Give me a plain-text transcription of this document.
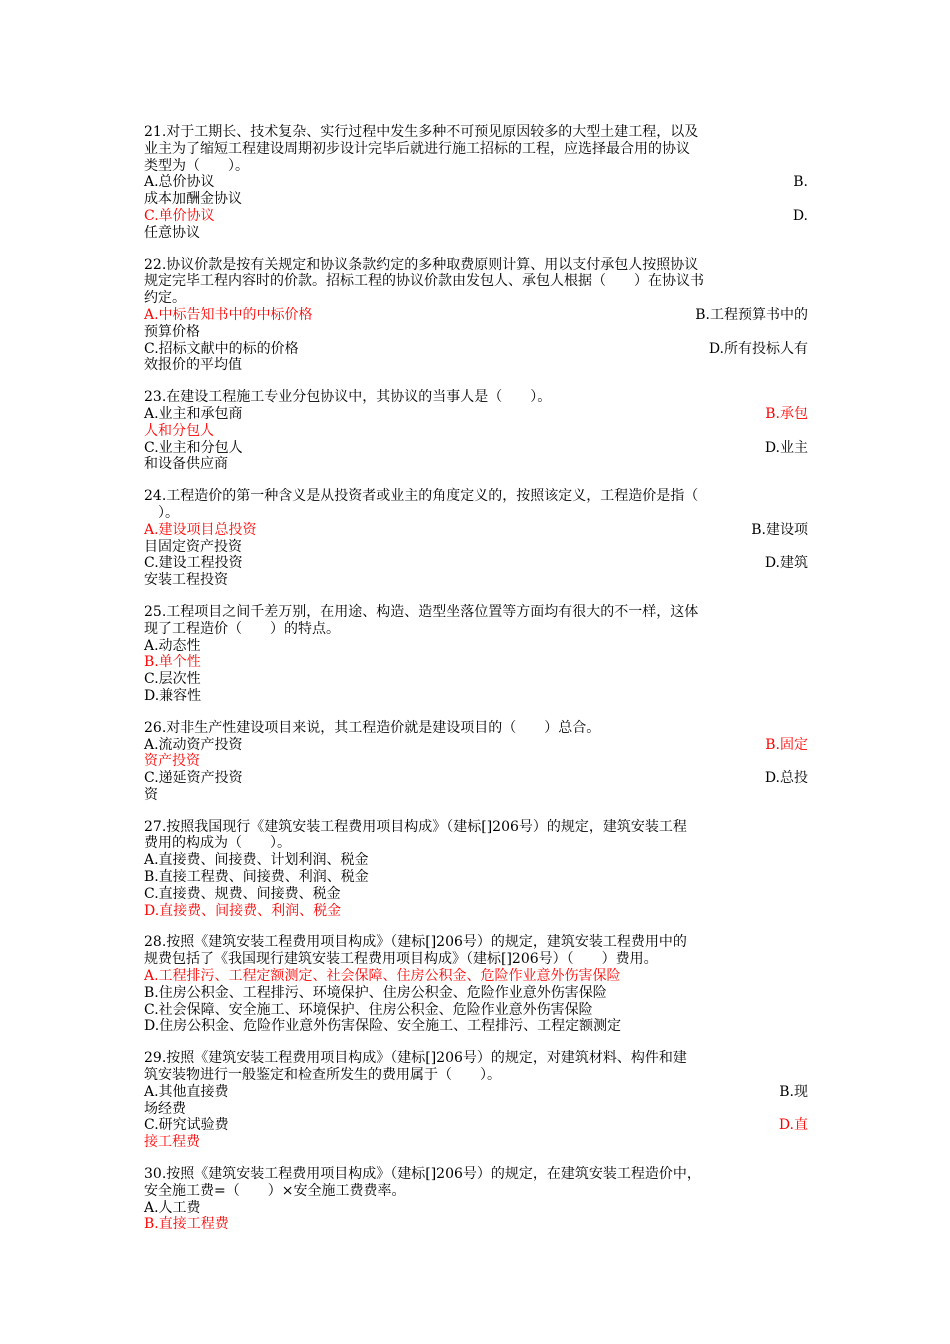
21.对于工期长、技术复杂、实行过程中发生多种不可预见原因较多的大型土建工程，以及
业主为了缩短工程建设周期初步设计完毕后就进行施工招标的工程，应选择最合用的协议
类型为（　　）。
A.总价协议	B.
成本加酬金协议
C.单价协议	D.
任意协议
22.协议价款是按有关规定和协议条款约定的多种取费原则计算、用以支付承包人按照协议
规定完毕工程内容时的价款。招标工程的协议价款由发包人、承包人根据（　　）在协议书
约定。
A.中标告知书中的中标价格	B.工程预算书中的
预算价格
C.招标文献中的标的价格	D.所有投标人有
效报价的平均值
23.在建设工程施工专业分包协议中，其协议的当事人是（　　）。
A.业主和承包商	B.承包
人和分包人
C.业主和分包人	D.业主
和设备供应商
24.工程造价的第一种含义是从投资者或业主的角度定义的，按照该定义，工程造价是指（
　）。
A.建设项目总投资	B.建设项
目固定资产投资
C.建设工程投资	D.建筑
安装工程投资
25.工程项目之间千差万别，在用途、构造、造型坐落位置等方面均有很大的不一样，这体
现了工程造价（　　）的特点。
A.动态性
B.单个性
C.层次性
D.兼容性
26.对非生产性建设项目来说，其工程造价就是建设项目的（　　）总合。
A.流动资产投资	B.固定
资产投资
C.递延资产投资	D.总投
资
27.按照我国现行《建筑安装工程费用项目构成》（建标[]206号）的规定，建筑安装工程
费用的构成为（　　）。
A.直接费、间接费、计划利润、税金
B.直接工程费、间接费、利润、税金
C.直接费、规费、间接费、税金
D.直接费、间接费、利润、税金
28.按照《建筑安装工程费用项目构成》（建标[]206号）的规定，建筑安装工程费用中的
规费包括了《我国现行建筑安装工程费用项目构成》（建标[]206号）（　　）费用。
A.工程排污、工程定额测定、社会保障、住房公积金、危险作业意外伤害保险
B.住房公积金、工程排污、环境保护、住房公积金、危险作业意外伤害保险
C.社会保障、安全施工、环境保护、住房公积金、危险作业意外伤害保险
D.住房公积金、危险作业意外伤害保险、安全施工、工程排污、工程定额测定
29.按照《建筑安装工程费用项目构成》（建标[]206号）的规定，对建筑材料、构件和建
筑安装物进行一般鉴定和检查所发生的费用属于（　　）。
A.其他直接费	B.现
场经费
C.研究试验费	D.直
接工程费
30.按照《建筑安装工程费用项目构成》（建标[]206号）的规定，在建筑安装工程造价中，
安全施工费=（　　）×安全施工费费率。
A.人工费
B.直接工程费
